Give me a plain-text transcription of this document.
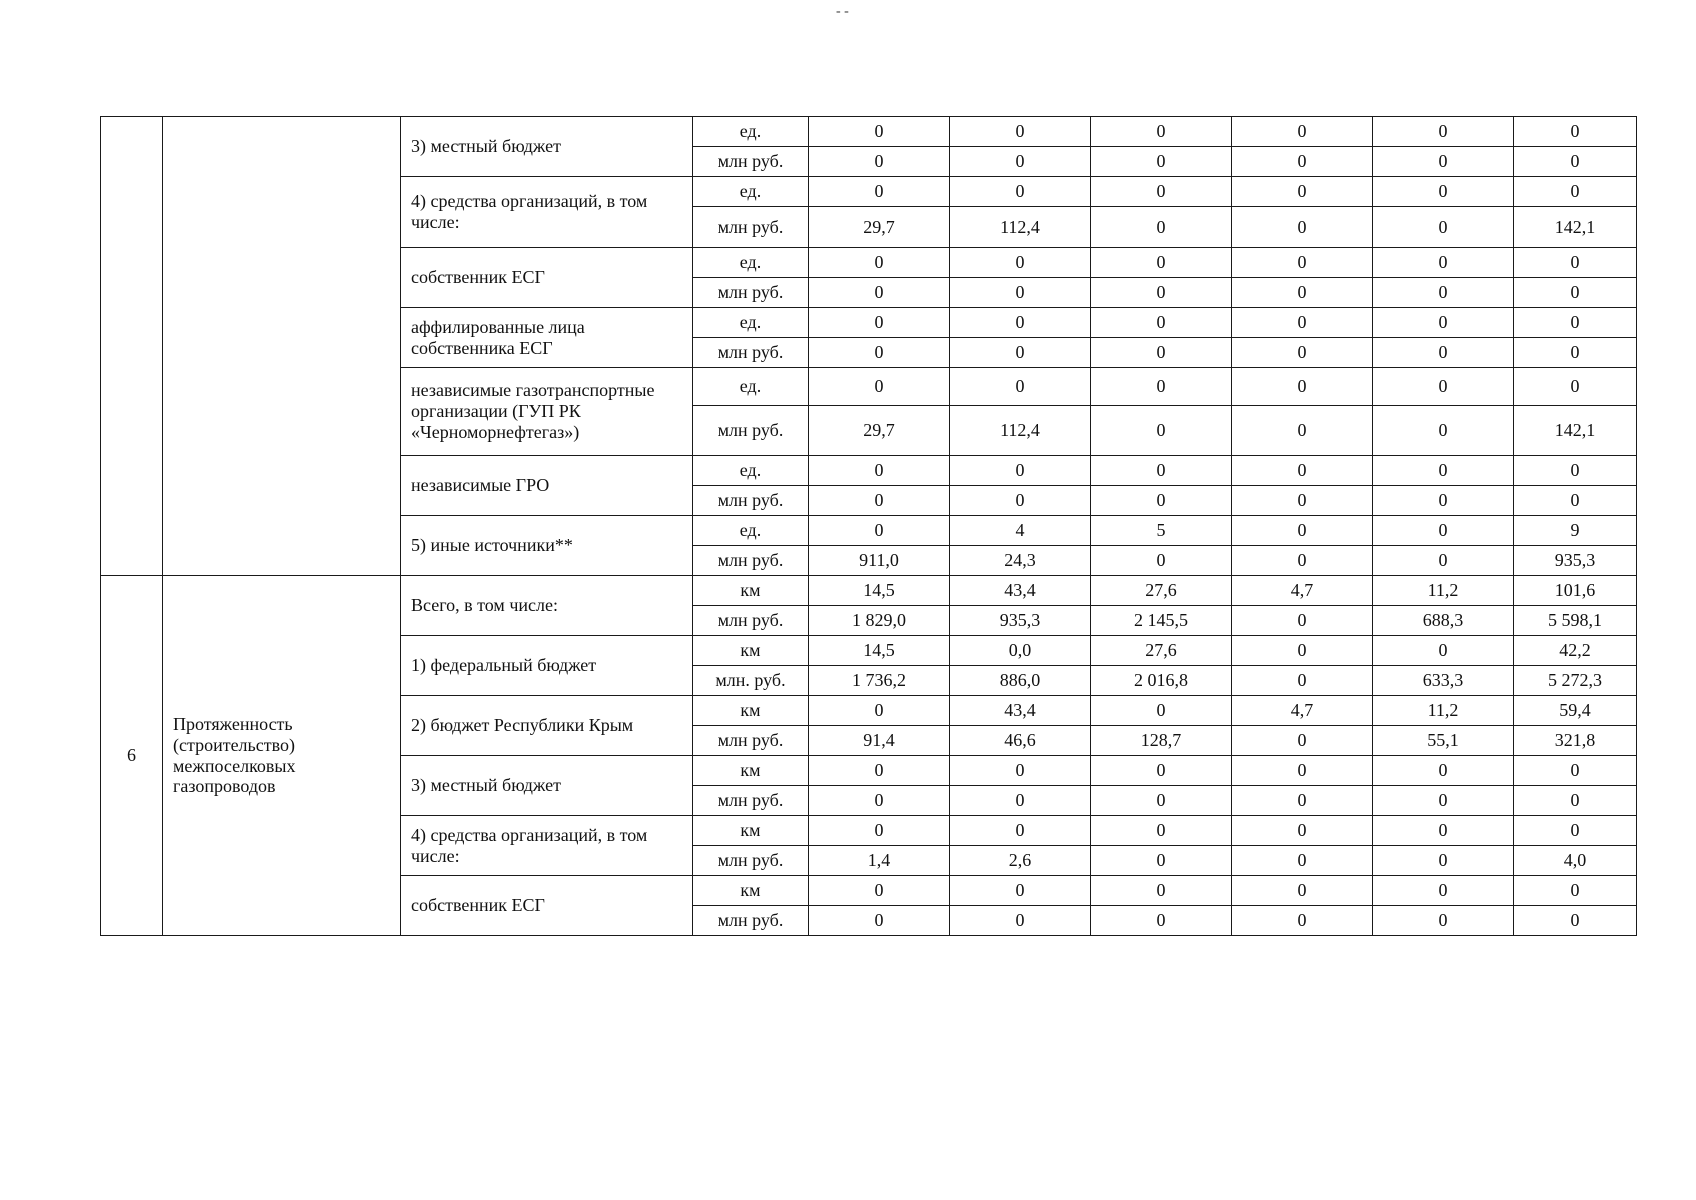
- -
		3) местный бюджет	ед.	0	0	0	0	0	0
			млн руб.	0	0	0	0	0	0
		4) средства организаций, в том числе:	ед.	0	0	0	0	0	0
			млн руб.	29,7	112,4	0	0	0	142,1
		собственник ЕСГ	ед.	0	0	0	0	0	0
			млн руб.	0	0	0	0	0	0
		аффилированные лица собственника ЕСГ	ед.	0	0	0	0	0	0
			млн руб.	0	0	0	0	0	0
		независимые газотранспортные организации (ГУП РК «Черноморнефтегаз»)	ед.	0	0	0	0	0	0
			млн руб.	29,7	112,4	0	0	0	142,1
		независимые ГРО	ед.	0	0	0	0	0	0
			млн руб.	0	0	0	0	0	0
		5) иные источники**	ед.	0	4	5	0	0	9
			млн руб.	911,0	24,3	0	0	0	935,3
6	Протяженность (строительство) межпоселковых газопроводов	Всего, в том числе:	км	14,5	43,4	27,6	4,7	11,2	101,6
			млн руб.	1 829,0	935,3	2 145,5	0	688,3	5 598,1
		1) федеральный бюджет	км	14,5	0,0	27,6	0	0	42,2
			млн. руб.	1 736,2	886,0	2 016,8	0	633,3	5 272,3
		2) бюджет Республики Крым	км	0	43,4	0	4,7	11,2	59,4
			млн руб.	91,4	46,6	128,7	0	55,1	321,8
		3) местный бюджет	км	0	0	0	0	0	0
			млн руб.	0	0	0	0	0	0
		4) средства организаций, в том числе:	км	0	0	0	0	0	0
			млн руб.	1,4	2,6	0	0	0	4,0
		собственник ЕСГ	км	0	0	0	0	0	0
			млн руб.	0	0	0	0	0	0
